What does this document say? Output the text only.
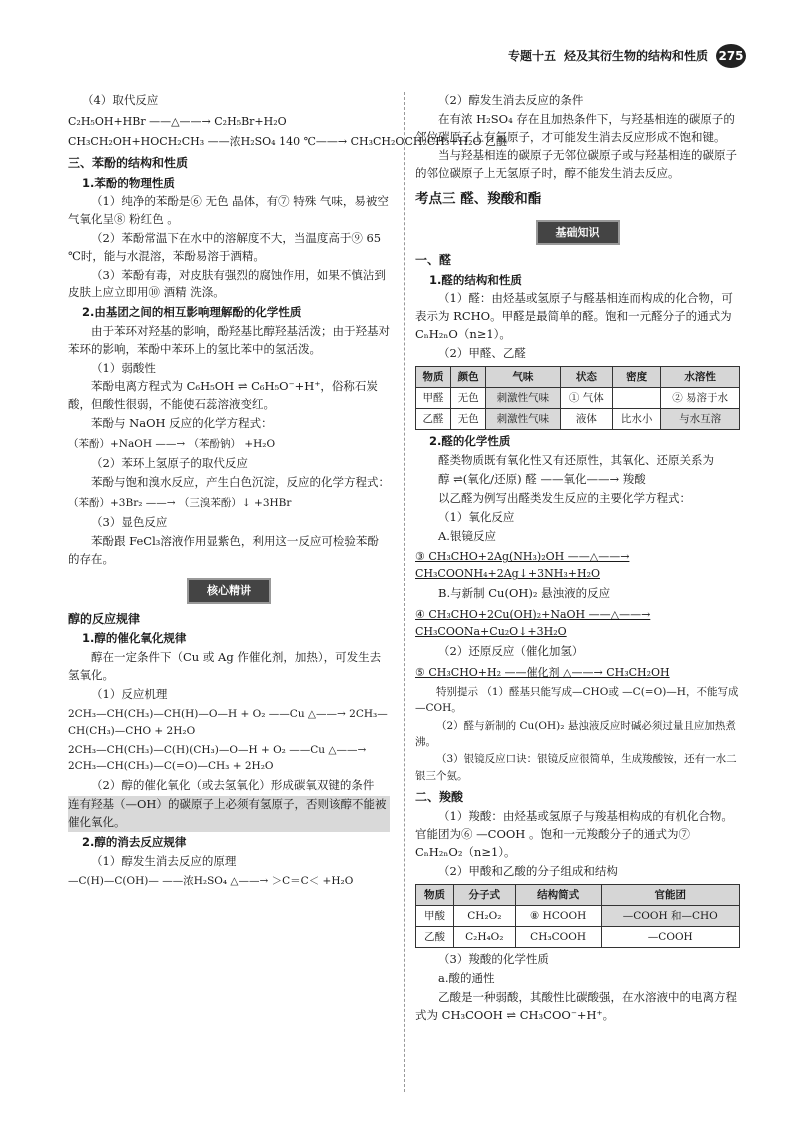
专题十五 烃及其衍生物的结构和性质 275

（4）取代反应

C₂H₅OH+HBr ——△——→ C₂H₅Br+H₂O

CH₃CH₂OH+HOCH₂CH₃ ——浓H₂SO₄ 140 ℃——→ CH₃CH₂OCH₂CH₃+H₂O 乙醚

三、苯酚的结构和性质

1.苯酚的物理性质

（1）纯净的苯酚是⑥ 无色 晶体，有⑦ 特殊 气味，易被空气氧化呈⑧ 粉红色 。

（2）苯酚常温下在水中的溶解度不大，当温度高于⑨ 65 ℃时，能与水混溶，苯酚易溶于酒精。

（3）苯酚有毒，对皮肤有强烈的腐蚀作用，如果不慎沾到皮肤上应立即用⑩ 酒精 洗涤。

2.由基团之间的相互影响理解酚的化学性质

由于苯环对羟基的影响，酚羟基比醇羟基活泼；由于羟基对苯环的影响，苯酚中苯环上的氢比苯中的氢活泼。

（1）弱酸性

苯酚电离方程式为 C₆H₅OH ⇌ C₆H₅O⁻+H⁺，俗称石炭酸，但酸性很弱，不能使石蕊溶液变红。

苯酚与 NaOH 反应的化学方程式：

（苯酚）+NaOH ——→ （苯酚钠） +H₂O

（2）苯环上氢原子的取代反应

苯酚与饱和溴水反应，产生白色沉淀，反应的化学方程式：

（苯酚）+3Br₂ ——→ （三溴苯酚）↓ +3HBr

（3）显色反应

苯酚跟 FeCl₃溶液作用显紫色，利用这一反应可检验苯酚的存在。

核心精讲

醇的反应规律

1.醇的催化氧化规律

醇在一定条件下（Cu 或 Ag 作催化剂，加热），可发生去氢氧化。

（1）反应机理

2CH₃—CH(CH₃)—CH(H)—O—H + O₂ ——Cu △——→ 2CH₃—CH(CH₃)—CHO + 2H₂O

2CH₃—CH(CH₃)—C(H)(CH₃)—O—H + O₂ ——Cu △——→ 2CH₃—CH(CH₃)—C(=O)—CH₃ + 2H₂O

（2）醇的催化氧化（或去氢氧化）形成碳氧双键的条件

连有羟基（—OH）的碳原子上必须有氢原子，否则该醇不能被催化氧化。

2.醇的消去反应规律

（1）醇发生消去反应的原理

—C(H)—C(OH)— ——浓H₂SO₄ △——→ ＞C＝C＜ +H₂O

（2）醇发生消去反应的条件

在有浓 H₂SO₄ 存在且加热条件下，与羟基相连的碳原子的邻位碳原子上有氢原子，才可能发生消去反应形成不饱和键。

当与羟基相连的碳原子无邻位碳原子或与羟基相连的碳原子的邻位碳原子上无氢原子时，醇不能发生消去反应。

考点三 醛、羧酸和酯

基础知识

一、醛

1.醛的结构和性质

（1）醛：由烃基或氢原子与醛基相连而构成的化合物，可表示为 RCHO。甲醛是最简单的醛。饱和一元醛分子的通式为 CₙH₂ₙO（n≥1）。

（2）甲醛、乙醛

物质	颜色	气味	状态	密度	水溶性
甲醛	无色	刺激性气味	① 气体		② 易溶于水
乙醛	无色	刺激性气味	液体	比水小	与水互溶

2.醛的化学性质

醛类物质既有氧化性又有还原性，其氧化、还原关系为

醇 ⇌(氧化/还原) 醛 ——氧化——→ 羧酸

以乙醛为例写出醛类发生反应的主要化学方程式：

（1）氧化反应

A.银镜反应

③ CH₃CHO+2Ag(NH₃)₂OH ——△——→ CH₃COONH₄+2Ag↓+3NH₃+H₂O

B.与新制 Cu(OH)₂ 悬浊液的反应

④ CH₃CHO+2Cu(OH)₂+NaOH ——△——→ CH₃COONa+Cu₂O↓+3H₂O

（2）还原反应（催化加氢）

⑤ CH₃CHO+H₂ ——催化剂 △——→ CH₃CH₂OH

特别提示 （1）醛基只能写成—CHO或 —C(=O)—H，不能写成—COH。

（2）醛与新制的 Cu(OH)₂ 悬浊液反应时碱必须过量且应加热煮沸。

（3）银镜反应口诀：银镜反应很简单，生成羧酸铵，还有一水二银三个氨。

二、羧酸

（1）羧酸：由烃基或氢原子与羧基相构成的有机化合物。官能团为⑥ —COOH 。饱和一元羧酸分子的通式为⑦ CₙH₂ₙO₂（n≥1）。

（2）甲酸和乙酸的分子组成和结构

物质	分子式	结构简式	官能团
甲酸	CH₂O₂	⑧ HCOOH	—COOH 和—CHO
乙酸	C₂H₄O₂	CH₃COOH	—COOH

（3）羧酸的化学性质

a.酸的通性

乙酸是一种弱酸，其酸性比碳酸强，在水溶液中的电离方程式为 CH₃COOH ⇌ CH₃COO⁻+H⁺。
